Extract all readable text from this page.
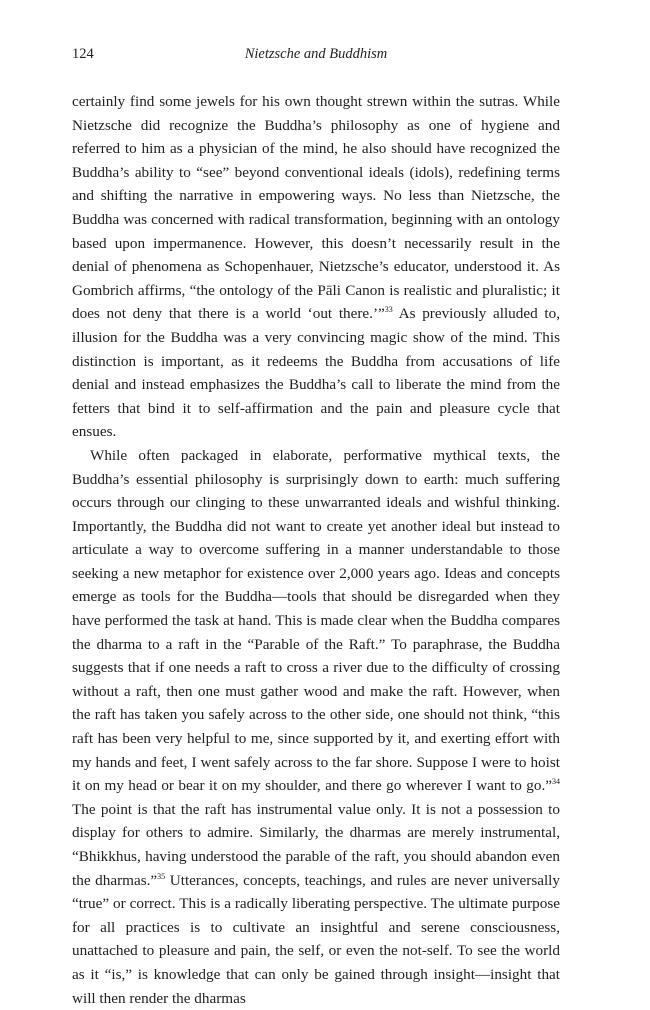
124	Nietzsche and Buddhism

certainly find some jewels for his own thought strewn within the sutras. While Nietzsche did recognize the Buddha’s philosophy as one of hygiene and referred to him as a physician of the mind, he also should have recognized the Buddha’s ability to “see” beyond conventional ideals (idols), redefining terms and shifting the narrative in empowering ways. No less than Nietzsche, the Buddha was concerned with radical transformation, beginning with an ontology based upon impermanence. However, this doesn’t necessarily result in the denial of phenomena as Schopenhauer, Nietzsche’s educator, understood it. As Gombrich affirms, “the ontology of the Pāli Canon is realistic and pluralistic; it does not deny that there is a world ‘out there.’”$^{33}$ As previously alluded to, illusion for the Buddha was a very convincing magic show of the mind. This distinction is important, as it redeems the Buddha from accusations of life denial and instead emphasizes the Buddha’s call to liberate the mind from the fetters that bind it to self-affirmation and the pain and pleasure cycle that ensues.

While often packaged in elaborate, performative mythical texts, the Buddha’s essential philosophy is surprisingly down to earth: much suffering occurs through our clinging to these unwarranted ideals and wishful thinking. Importantly, the Buddha did not want to create yet another ideal but instead to articulate a way to overcome suffering in a manner understandable to those seeking a new metaphor for existence over 2,000 years ago. Ideas and concepts emerge as tools for the Buddha—tools that should be disregarded when they have performed the task at hand. This is made clear when the Buddha compares the dharma to a raft in the “Parable of the Raft.” To paraphrase, the Buddha suggests that if one needs a raft to cross a river due to the difficulty of crossing without a raft, then one must gather wood and make the raft. However, when the raft has taken you safely across to the other side, one should not think, “this raft has been very helpful to me, since supported by it, and exerting effort with my hands and feet, I went safely across to the far shore. Suppose I were to hoist it on my head or bear it on my shoulder, and there go wherever I want to go.”$^{34}$ The point is that the raft has instrumental value only. It is not a possession to display for others to admire. Similarly, the dharmas are merely instrumental, “Bhikkhus, having understood the parable of the raft, you should abandon even the dharmas.”$^{35}$ Utterances, concepts, teachings, and rules are never universally “true” or correct. This is a radically liberating perspective. The ultimate purpose for all practices is to cultivate an insightful and serene consciousness, unattached to pleasure and pain, the self, or even the not-self. To see the world as it “is,” is knowledge that can only be gained through insight—insight that will then render the dharmas
